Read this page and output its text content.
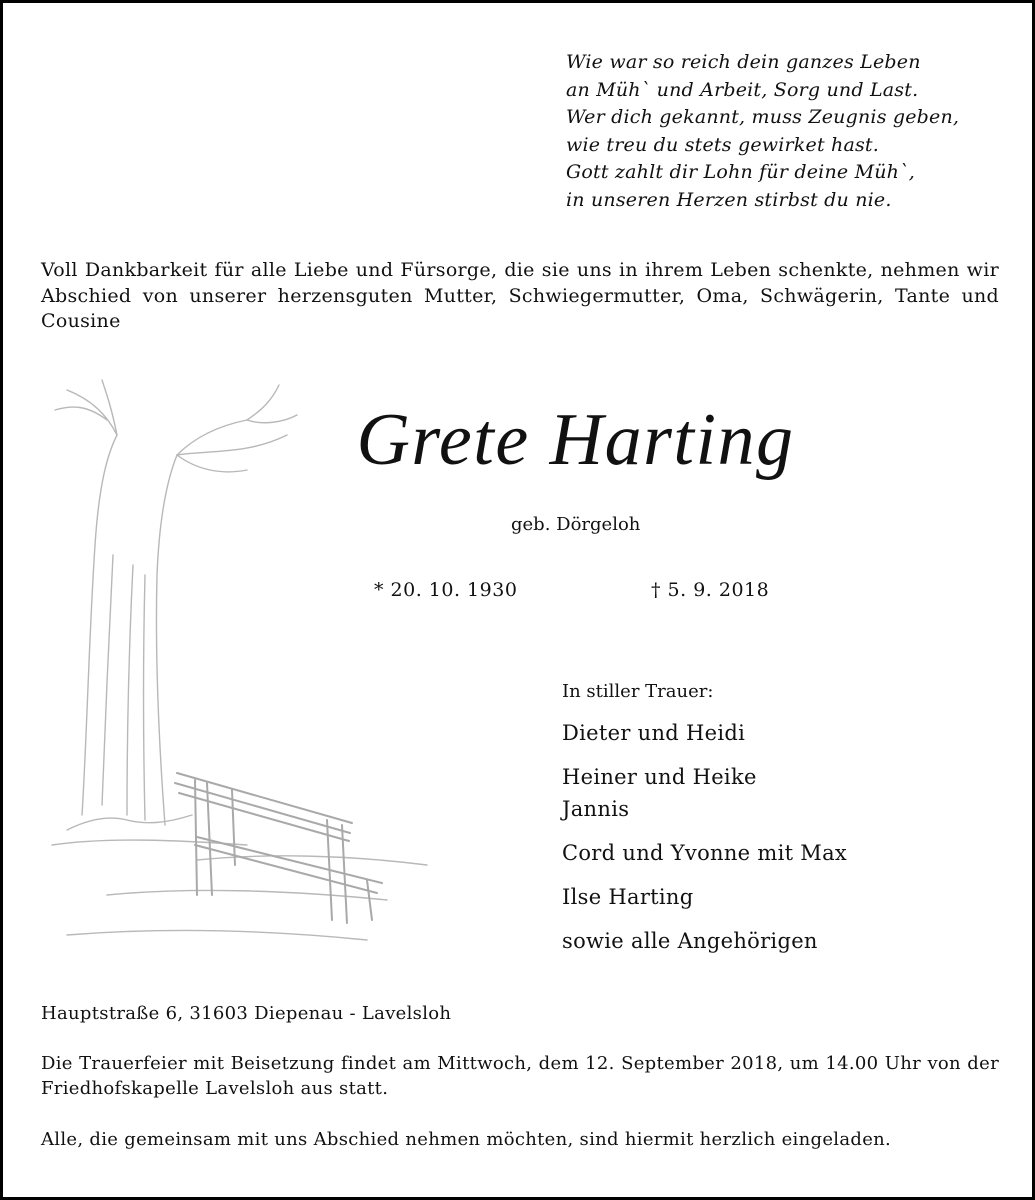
Wie war so reich dein ganzes Leben
an Müh` und Arbeit, Sorg und Last.
Wer dich gekannt, muss Zeugnis geben,
wie treu du stets gewirket hast.
Gott zahlt dir Lohn für deine Müh`,
in unseren Herzen stirbst du nie.
Voll Dankbarkeit für alle Liebe und Fürsorge, die sie uns in ihrem Leben schenkte, nehmen wir Abschied von unserer herzensguten Mutter, Schwiegermutter, Oma, Schwägerin, Tante und Cousine
Grete Harting
geb. Dörgeloh
* 20. 10. 1930	† 5. 9. 2018
In stiller Trauer:
Dieter und Heidi
Heiner und Heike
Jannis
Cord und Yvonne mit Max
Ilse Harting
sowie alle Angehörigen
Hauptstraße 6, 31603 Diepenau - Lavelsloh
Die Trauerfeier mit Beisetzung findet am Mittwoch, dem 12. September 2018, um 14.00 Uhr von der Friedhofskapelle Lavelsloh aus statt.
Alle, die gemeinsam mit uns Abschied nehmen möchten, sind hiermit herzlich eingeladen.
